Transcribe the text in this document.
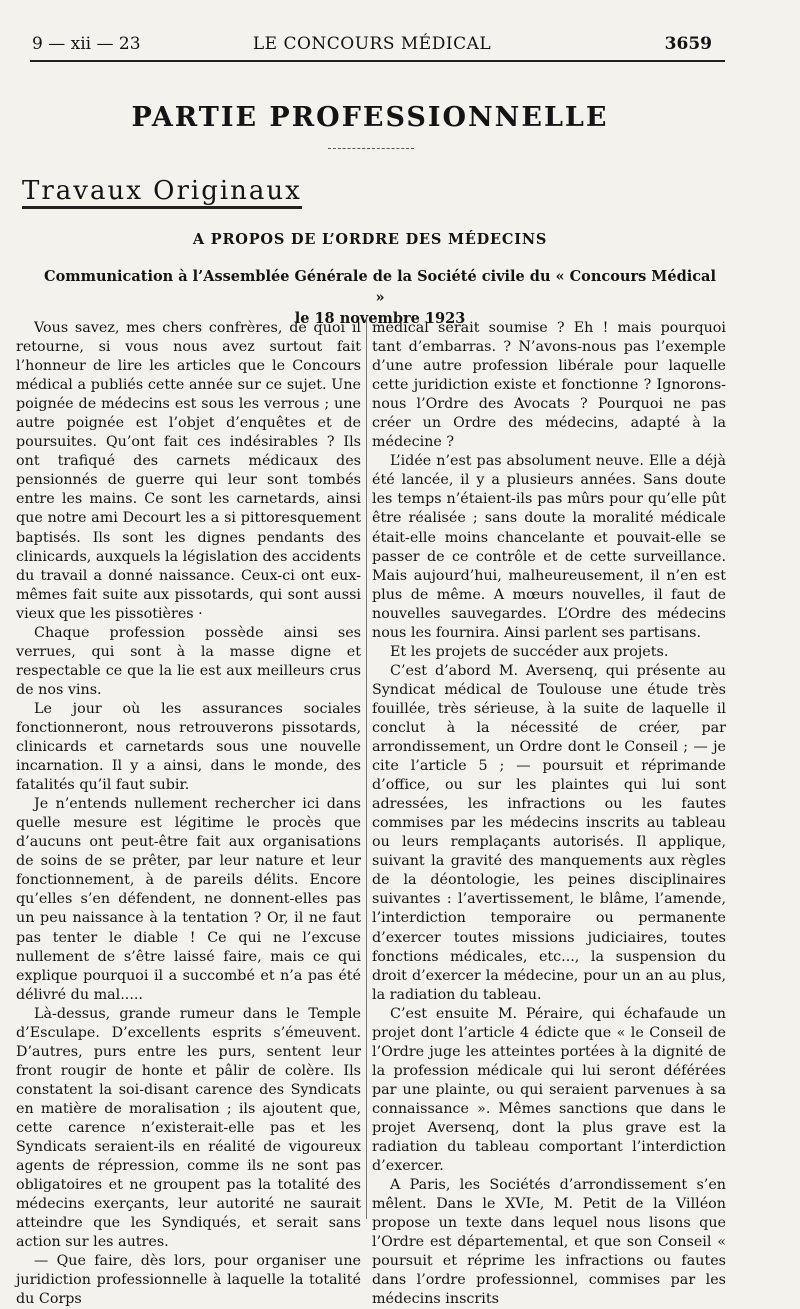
9 — xii — 23	LE CONCOURS MÉDICAL	3659
PARTIE PROFESSIONNELLE
Travaux Originaux
A PROPOS DE L’ORDRE DES MÉDECINS
Communication à l’Assemblée Générale de la Société civile du « Concours Médical »
le 18 novembre 1923

Vous savez, mes chers confrères, de quoi il retourne, si vous nous avez surtout fait l’honneur de lire les articles que le Concours médical a publiés cette année sur ce sujet. Une poignée de médecins est sous les verrous ; une autre poignée est l’objet d’enquêtes et de poursuites. Qu’ont fait ces indésirables ? Ils ont trafiqué des carnets médicaux des pensionnés de guerre qui leur sont tombés entre les mains. Ce sont les carnetards, ainsi que notre ami Decourt les a si pittoresquement baptisés. Ils sont les dignes pendants des clinicards, auxquels la législation des accidents du travail a donné naissance. Ceux-ci ont eux-mêmes fait suite aux pissotards, qui sont aussi vieux que les pissotières ·

Chaque profession possède ainsi ses verrues, qui sont à la masse digne et respectable ce que la lie est aux meilleurs crus de nos vins.

Le jour où les assurances sociales fonctionneront, nous retrouverons pissotards, clinicards et carnetards sous une nouvelle incarnation. Il y a ainsi, dans le monde, des fatalités qu’il faut subir.

Je n’entends nullement rechercher ici dans quelle mesure est légitime le procès que d’aucuns ont peut-être fait aux organisations de soins de se prêter, par leur nature et leur fonctionnement, à de pareils délits. Encore qu’elles s’en défendent, ne donnent-elles pas un peu naissance à la tentation ? Or, il ne faut pas tenter le diable ! Ce qui ne l’excuse nullement de s’être laissé faire, mais ce qui explique pourquoi il a succombé et n’a pas été délivré du mal.....

Là-dessus, grande rumeur dans le Temple d’Esculape. D’excellents esprits s’émeuvent. D’autres, purs entre les purs, sentent leur front rougir de honte et pâlir de colère. Ils constatent la soi-disant carence des Syndicats en matière de moralisation ; ils ajoutent que, cette carence n’existerait-elle pas et les Syndicats seraient-ils en réalité de vigoureux agents de répression, comme ils ne sont pas obligatoires et ne groupent pas la totalité des médecins exerçants, leur autorité ne saurait atteindre que les Syndiqués, et serait sans action sur les autres.

— Que faire, dès lors, pour organiser une juridiction professionnelle à laquelle la totalité du Corps

médical serait soumise ? Eh ! mais pourquoi tant d’embarras. ? N’avons-nous pas l’exemple d’une autre profession libérale pour laquelle cette juridiction existe et fonctionne ? Ignorons-nous l’Ordre des Avocats ? Pourquoi ne pas créer un Ordre des médecins, adapté à la médecine ?

L’idée n’est pas absolument neuve. Elle a déjà été lancée, il y a plusieurs années. Sans doute les temps n’étaient-ils pas mûrs pour qu’elle pût être réalisée ; sans doute la moralité médicale était-elle moins chancelante et pouvait-elle se passer de ce contrôle et de cette surveillance. Mais aujourd’hui, malheureusement, il n’en est plus de même. A mœurs nouvelles, il faut de nouvelles sauvegardes. L’Ordre des médecins nous les fournira. Ainsi parlent ses partisans.

Et les projets de succéder aux projets.

C’est d’abord M. Aversenq, qui présente au Syndicat médical de Toulouse une étude très fouillée, très sérieuse, à la suite de laquelle il conclut à la nécessité de créer, par arrondissement, un Ordre dont le Conseil ; — je cite l’article 5 ; — poursuit et réprimande d’office, ou sur les plaintes qui lui sont adressées, les infractions ou les fautes commises par les médecins inscrits au tableau ou leurs remplaçants autorisés. Il applique, suivant la gravité des manquements aux règles de la déontologie, les peines disciplinaires suivantes : l’avertissement, le blâme, l’amende, l’interdiction temporaire ou permanente d’exercer toutes missions judiciaires, toutes fonctions médicales, etc..., la suspension du droit d’exercer la médecine, pour un an au plus, la radiation du tableau.

C’est ensuite M. Péraire, qui échafaude un projet dont l’article 4 édicte que « le Conseil de l’Ordre juge les atteintes portées à la dignité de la profession médicale qui lui seront déférées par une plainte, ou qui seraient parvenues à sa connaissance ». Mêmes sanctions que dans le projet Aversenq, dont la plus grave est la radiation du tableau comportant l’interdiction d’exercer.

A Paris, les Sociétés d’arrondissement s’en mêlent. Dans le XVIe, M. Petit de la Villéon propose un texte dans lequel nous lisons que l’Ordre est départemental, et que son Conseil « poursuit et réprime les infractions ou fautes dans l’ordre professionnel, commises par les médecins inscrits
